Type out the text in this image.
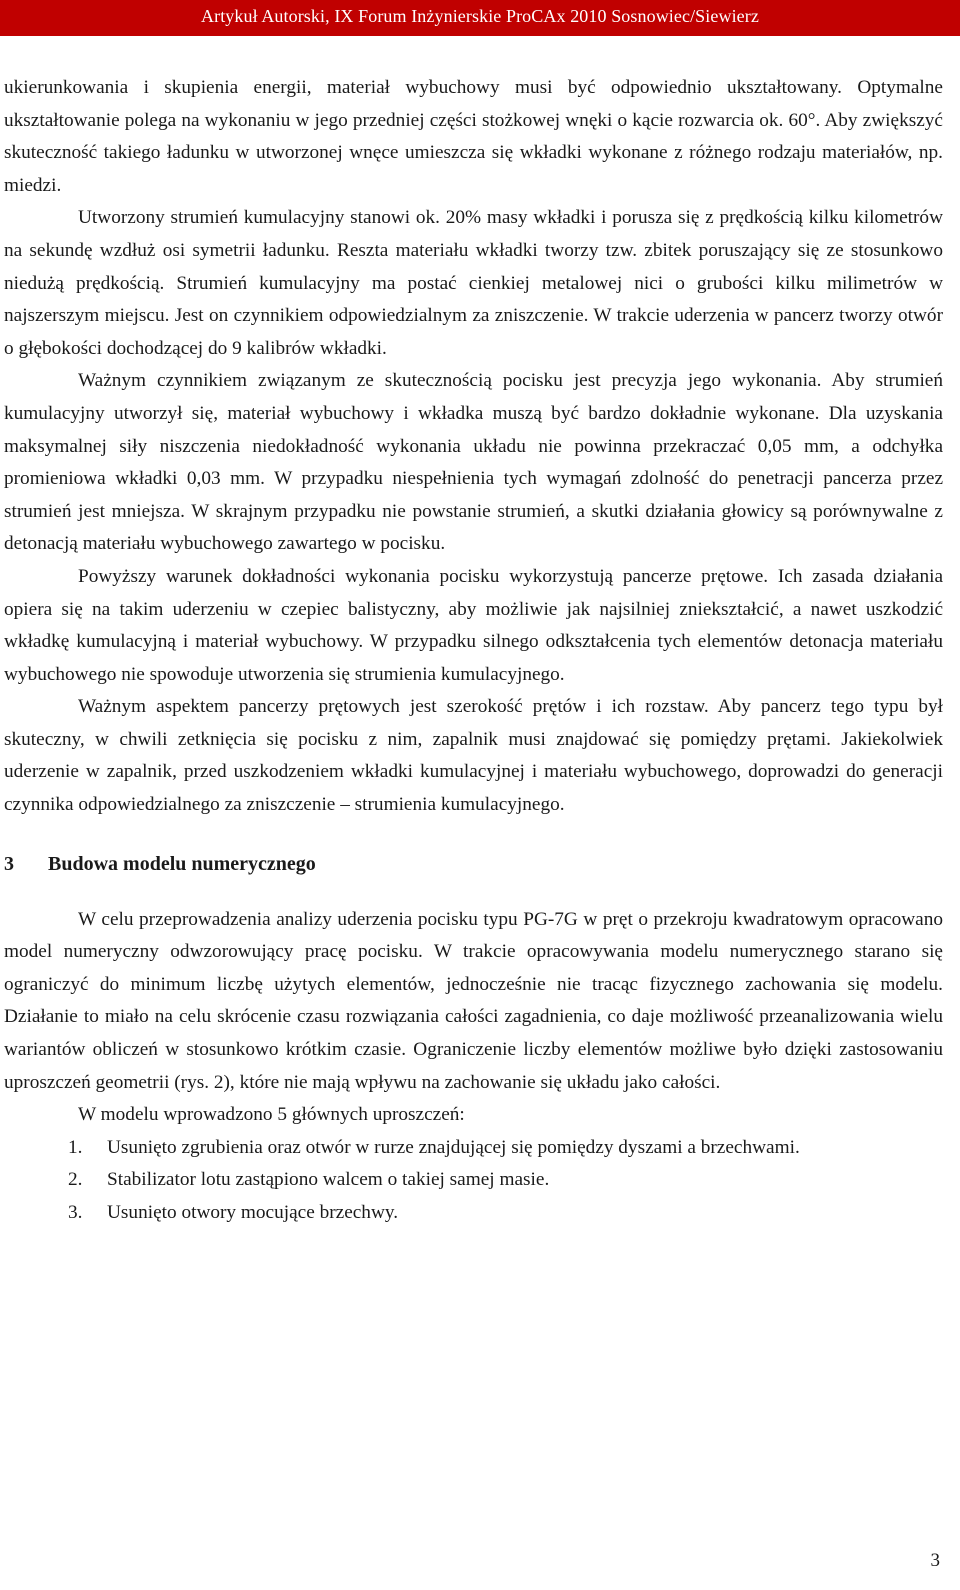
Artykuł Autorski, IX Forum Inżynierskie ProCAx 2010 Sosnowiec/Siewierz

ukierunkowania i skupienia energii, materiał wybuchowy musi być odpowiednio ukształtowany. Optymalne ukształtowanie polega na wykonaniu w jego przedniej części stożkowej wnęki o kącie rozwarcia ok. 60°. Aby zwiększyć skuteczność takiego ładunku w utworzonej wnęce umieszcza się wkładki wykonane z różnego rodzaju materiałów, np. miedzi.

Utworzony strumień kumulacyjny stanowi ok. 20% masy wkładki i porusza się z prędkością kilku kilometrów na sekundę wzdłuż osi symetrii ładunku. Reszta materiału wkładki tworzy tzw. zbitek poruszający się ze stosunkowo niedużą prędkością. Strumień kumulacyjny ma postać cienkiej metalowej nici o grubości kilku milimetrów w najszerszym miejscu. Jest on czynnikiem odpowiedzialnym za zniszczenie. W trakcie uderzenia w pancerz tworzy otwór o głębokości dochodzącej do 9 kalibrów wkładki.

Ważnym czynnikiem związanym ze skutecznością pocisku jest precyzja jego wykonania. Aby strumień kumulacyjny utworzył się, materiał wybuchowy i wkładka muszą być bardzo dokładnie wykonane. Dla uzyskania maksymalnej siły niszczenia niedokładność wykonania układu nie powinna przekraczać 0,05 mm, a odchyłka promieniowa wkładki 0,03 mm. W przypadku niespełnienia tych wymagań zdolność do penetracji pancerza przez strumień jest mniejsza. W skrajnym przypadku nie powstanie strumień, a skutki działania głowicy są porównywalne z detonacją materiału wybuchowego zawartego w pocisku.

Powyższy warunek dokładności wykonania pocisku wykorzystują pancerze prętowe. Ich zasada działania opiera się na takim uderzeniu w czepiec balistyczny, aby możliwie jak najsilniej zniekształcić, a nawet uszkodzić wkładkę kumulacyjną i materiał wybuchowy. W przypadku silnego odkształcenia tych elementów detonacja materiału wybuchowego nie spowoduje utworzenia się strumienia kumulacyjnego.

Ważnym aspektem pancerzy prętowych jest szerokość prętów i ich rozstaw. Aby pancerz tego typu był skuteczny, w chwili zetknięcia się pocisku z nim, zapalnik musi znajdować się pomiędzy prętami. Jakiekolwiek uderzenie w zapalnik, przed uszkodzeniem wkładki kumulacyjnej i materiału wybuchowego, doprowadzi do generacji czynnika odpowiedzialnego za zniszczenie – strumienia kumulacyjnego.

3	Budowa modelu numerycznego

W celu przeprowadzenia analizy uderzenia pocisku typu PG-7G w pręt o przekroju kwadratowym opracowano model numeryczny odwzorowujący pracę pocisku. W trakcie opracowywania modelu numerycznego starano się ograniczyć do minimum liczbę użytych elementów, jednocześnie nie tracąc fizycznego zachowania się modelu. Działanie to miało na celu skrócenie czasu rozwiązania całości zagadnienia, co daje możliwość przeanalizowania wielu wariantów obliczeń w stosunkowo krótkim czasie. Ograniczenie liczby elementów możliwe było dzięki zastosowaniu uproszczeń geometrii (rys. 2), które nie mają wpływu na zachowanie się układu jako całości.

W modelu wprowadzono 5 głównych uproszczeń:

1.	Usunięto zgrubienia oraz otwór w rurze znajdującej się pomiędzy dyszami a brzechwami.
2.	Stabilizator lotu zastąpiono walcem o takiej samej masie.
3.	Usunięto otwory mocujące brzechwy.
3
